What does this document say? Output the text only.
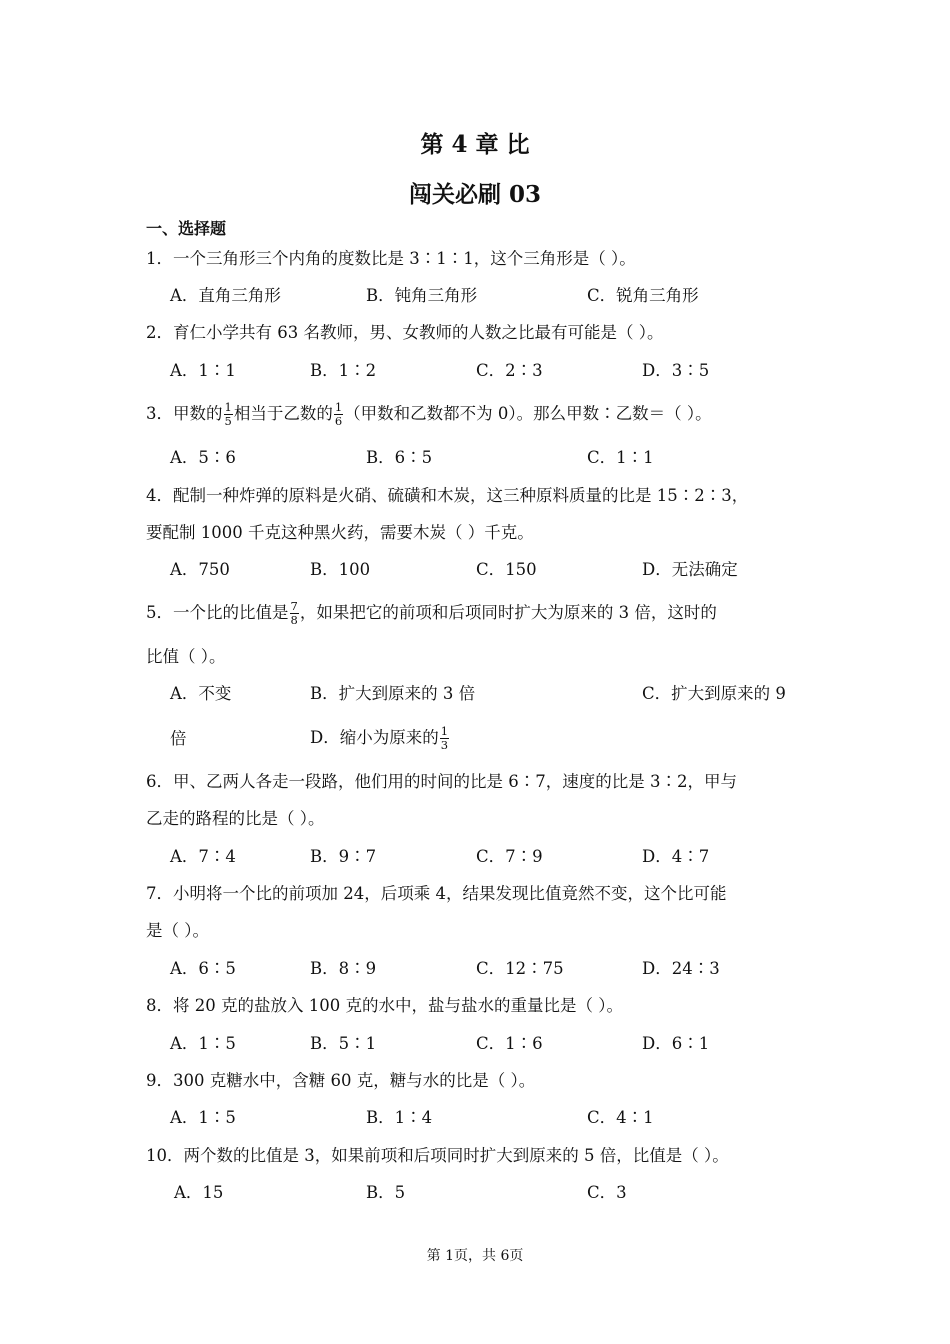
第 4 章 比
闯关必刷 03
一、选择题
1．一个三角形三个内角的度数比是 3∶1∶1，这个三角形是（ ）。
A．直角三角形	B．钝角三角形	C．锐角三角形
2．育仁小学共有 63 名教师，男、女教师的人数之比最有可能是（ ）。
A．1∶1	B．1∶2	C．2∶3	D．3∶5
3．甲数的 $\frac{1}{5}$ 相当于乙数的 $\frac{1}{6}$ （甲数和乙数都不为 0）。那么甲数∶乙数＝（ ）。
A．5∶6	B．6∶5	C．1∶1
4．配制一种炸弹的原料是火硝、硫磺和木炭，这三种原料质量的比是 15∶2∶3，
要配制 1000 千克这种黑火药，需要木炭（ ）千克。
A．750	B．100	C．150	D．无法确定
5．一个比的比值是 $\frac{7}{8}$ ，如果把它的前项和后项同时扩大为原来的 3 倍，这时的
比值（ ）。
A．不变	B．扩大到原来的 3 倍	C．扩大到原来的 9
倍	D．缩小为原来的 $\frac{1}{3}$
6．甲、乙两人各走一段路，他们用的时间的比是 6∶7，速度的比是 3∶2，甲与
乙走的路程的比是（ ）。
A．7∶4	B．9∶7	C．7∶9	D．4∶7
7．小明将一个比的前项加 24，后项乘 4，结果发现比值竟然不变，这个比可能
是（ ）。
A．6∶5	B．8∶9	C．12∶75	D．24∶3
8．将 20 克的盐放入 100 克的水中，盐与盐水的重量比是（ ）。
A．1∶5	B．5∶1	C．1∶6	D．6∶1
9．300 克糖水中，含糖 60 克，糖与水的比是（ ）。
A．1∶5	B．1∶4	C．4∶1
10．两个数的比值是 3，如果前项和后项同时扩大到原来的 5 倍，比值是（ ）。
A．15	B．5	C．3
第 1页，共 6页
